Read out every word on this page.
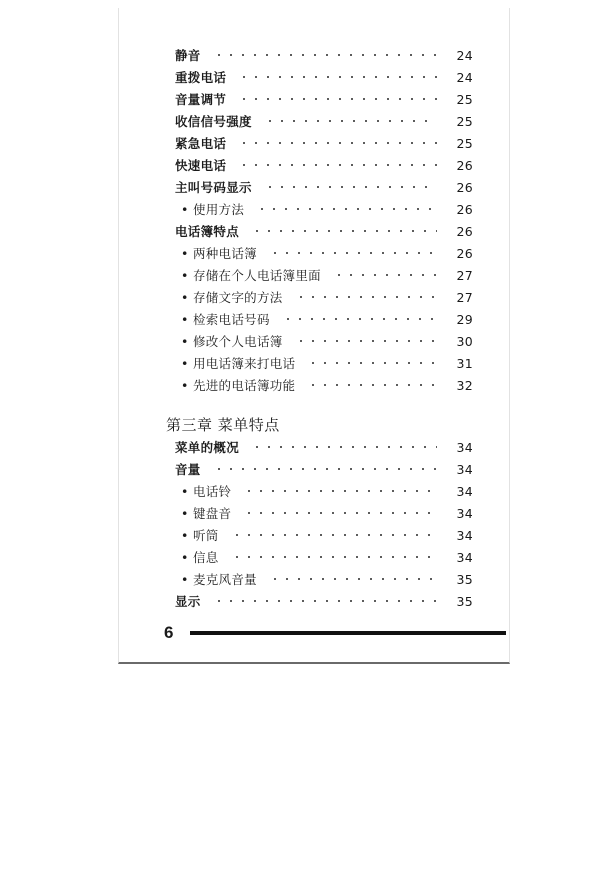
静音	24
重拨电话	24
音量调节	25
收信信号强度	25
紧急电话	25
快速电话	26
主叫号码显示	26
• 使用方法	26
电话簿特点	26
• 两种电话簿	26
• 存储在个人电话簿里面	27
• 存储文字的方法	27
• 检索电话号码	29
• 修改个人电话簿	30
• 用电话簿来打电话	31
• 先进的电话簿功能	32
第三章 菜单特点
菜单的概况	34
音量	34
• 电话铃	34
• 键盘音	34
• 听筒	34
• 信息	34
• 麦克风音量	35
显示	35
6
